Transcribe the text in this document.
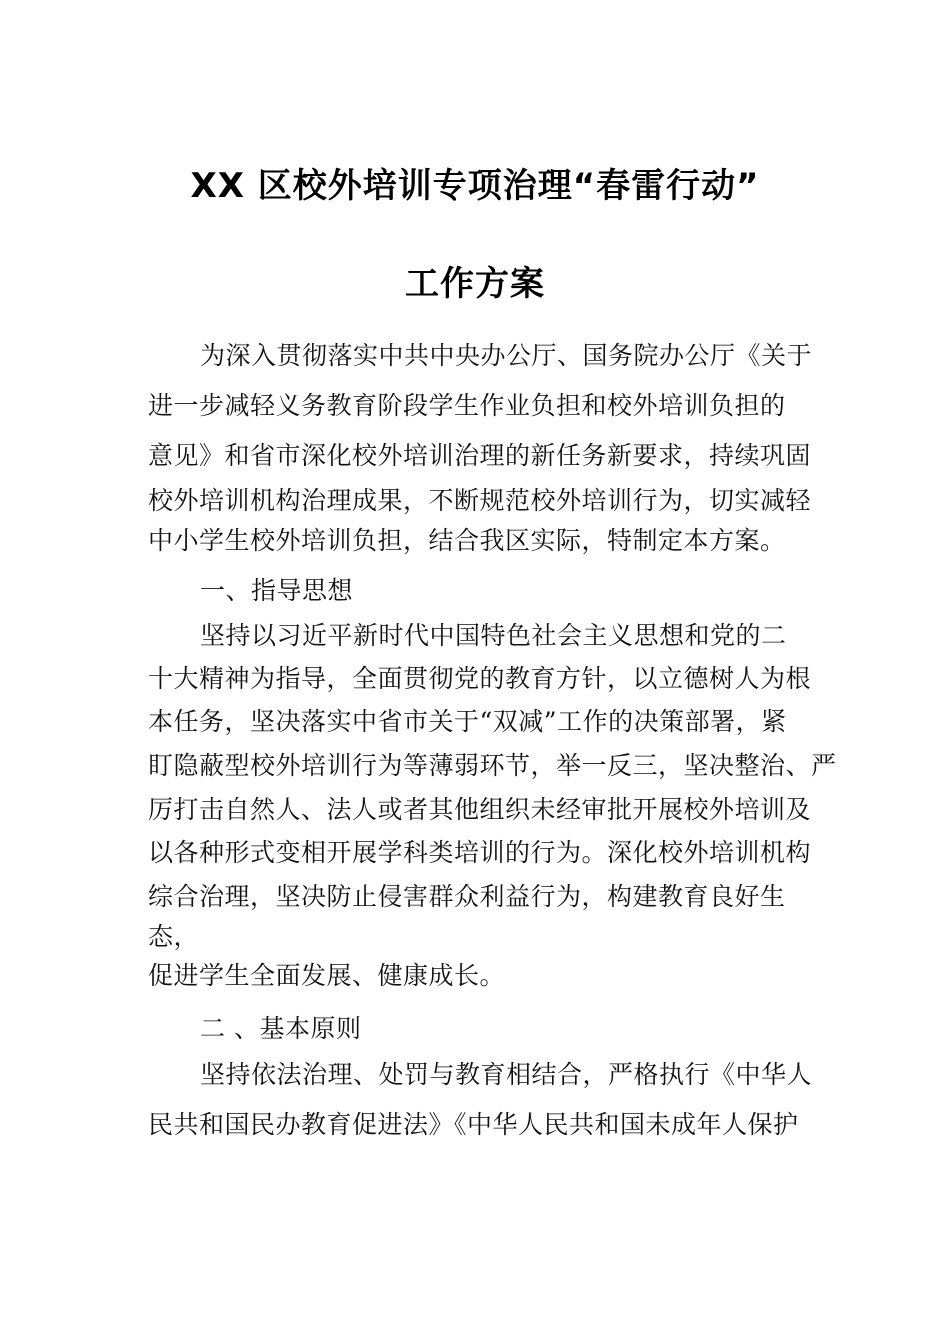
XX 区校外培训专项治理“春雷行动”
工作方案
为深入贯彻落实中共中央办公厅、国务院办公厅《关于
进一步减轻义务教育阶段学生作业负担和校外培训负担的
意见》和省市深化校外培训治理的新任务新要求，持续巩固
校外培训机构治理成果，不断规范校外培训行为，切实减轻
中小学生校外培训负担，结合我区实际，特制定本方案。
一、指导思想
坚持以习近平新时代中国特色社会主义思想和党的二
十大精神为指导，全面贯彻党的教育方针，以立德树人为根
本任务，坚决落实中省市关于“双减”工作的决策部署，紧
盯隐蔽型校外培训行为等薄弱环节，举一反三，坚决整治、严
厉打击自然人、法人或者其他组织未经审批开展校外培训及
以各种形式变相开展学科类培训的行为。深化校外培训机构
综合治理，坚决防止侵害群众利益行为，构建教育良好生
态，
促进学生全面发展、健康成长。
二 、基本原则
坚持依法治理、处罚与教育相结合，严格执行《中华人
民共和国民办教育促进法》《中华人民共和国未成年人保护
